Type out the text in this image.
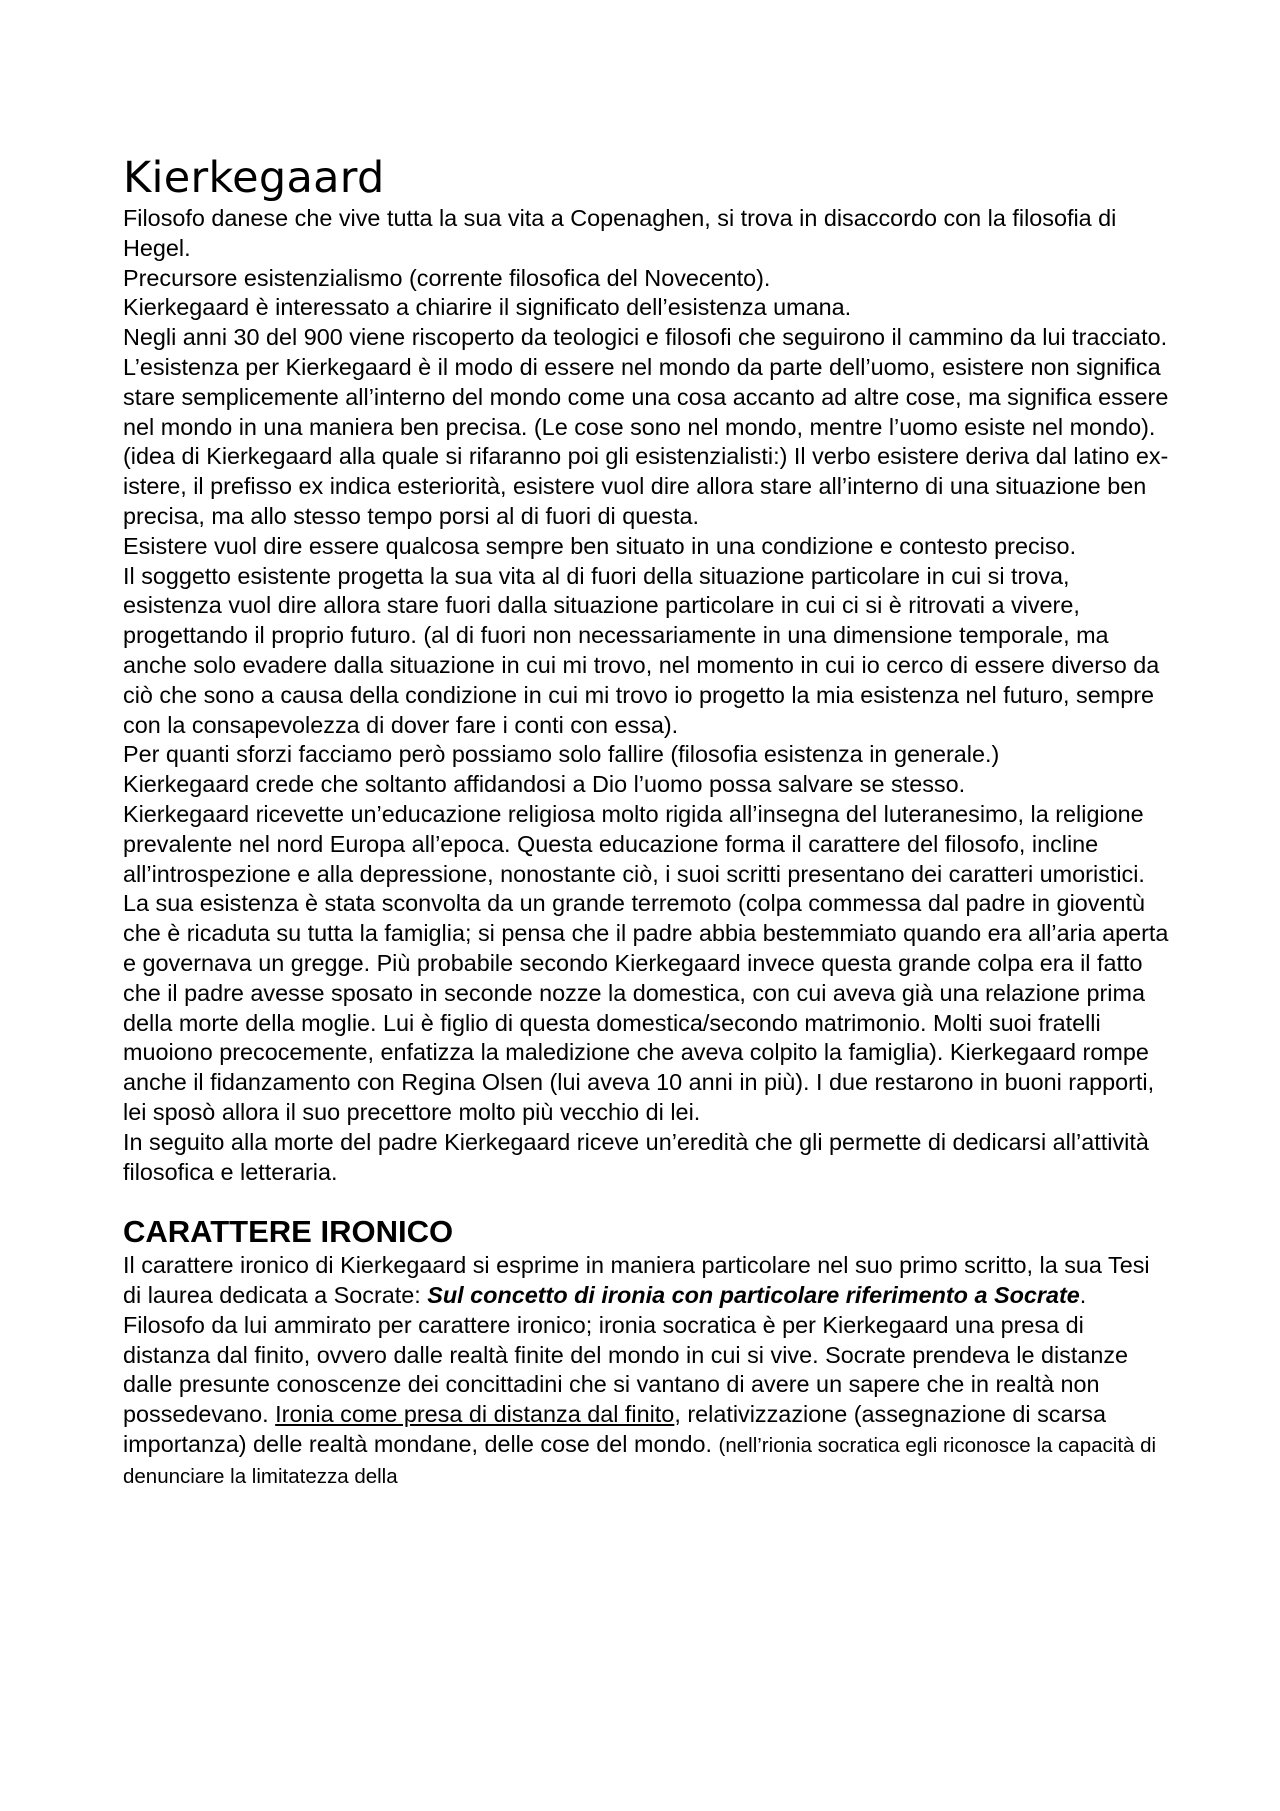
Kierkegaard

Filosofo danese che vive tutta la sua vita a Copenaghen, si trova in disaccordo con la filosofia di Hegel.

Precursore esistenzialismo (corrente filosofica del Novecento).

Kierkegaard è interessato a chiarire il significato dell’esistenza umana.

Negli anni 30 del 900 viene riscoperto da teologici e filosofi che seguirono il cammino da lui tracciato.

L’esistenza per Kierkegaard è il modo di essere nel mondo da parte dell’uomo, esistere non significa stare semplicemente all’interno del mondo come una cosa accanto ad altre cose, ma significa essere nel mondo in una maniera ben precisa. (Le cose sono nel mondo, mentre l’uomo esiste nel mondo).

(idea di Kierkegaard alla quale si rifaranno poi gli esistenzialisti:) Il verbo esistere deriva dal latino ex-istere, il prefisso ex indica esteriorità, esistere vuol dire allora stare all’interno di una situazione ben precisa, ma allo stesso tempo porsi al di fuori di questa.

Esistere vuol dire essere qualcosa sempre ben situato in una condizione e contesto preciso.

Il soggetto esistente progetta la sua vita al di fuori della situazione particolare in cui si trova, esistenza vuol dire allora stare fuori dalla situazione particolare in cui ci si è ritrovati a vivere, progettando il proprio futuro. (al di fuori non necessariamente in una dimensione temporale, ma anche solo evadere dalla situazione in cui mi trovo, nel momento in cui io cerco di essere diverso da ciò che sono a causa della condizione in cui mi trovo io progetto la mia esistenza nel futuro, sempre con la consapevolezza di dover fare i conti con essa).

Per quanti sforzi facciamo però possiamo solo fallire (filosofia esistenza in generale.)

Kierkegaard crede che soltanto affidandosi a Dio l’uomo possa salvare se stesso.

Kierkegaard ricevette un’educazione religiosa molto rigida all’insegna del luteranesimo, la religione prevalente nel nord Europa all’epoca. Questa educazione forma il carattere del filosofo, incline all’introspezione e alla depressione, nonostante ciò, i suoi scritti presentano dei caratteri umoristici.

La sua esistenza è stata sconvolta da un grande terremoto (colpa commessa dal padre in gioventù che è ricaduta su tutta la famiglia; si pensa che il padre abbia bestemmiato quando era all’aria aperta e governava un gregge. Più probabile secondo Kierkegaard invece questa grande colpa era il fatto che il padre avesse sposato in seconde nozze la domestica, con cui aveva già una relazione prima della morte della moglie. Lui è figlio di questa domestica/secondo matrimonio. Molti suoi fratelli muoiono precocemente, enfatizza la maledizione che aveva colpito la famiglia). Kierkegaard rompe anche il fidanzamento con Regina Olsen (lui aveva 10 anni in più). I due restarono in buoni rapporti, lei sposò allora il suo precettore molto più vecchio di lei.

In seguito alla morte del padre Kierkegaard riceve un’eredità che gli permette di dedicarsi all’attività filosofica e letteraria.

CARATTERE IRONICO

Il carattere ironico di Kierkegaard si esprime in maniera particolare nel suo primo scritto, la sua Tesi di laurea dedicata a Socrate: Sul concetto di ironia con particolare riferimento a Socrate. Filosofo da lui ammirato per carattere ironico; ironia socratica è per Kierkegaard una presa di distanza dal finito, ovvero dalle realtà finite del mondo in cui si vive. Socrate prendeva le distanze dalle presunte conoscenze dei concittadini che si vantano di avere un sapere che in realtà non possedevano. Ironia come presa di distanza dal finito, relativizzazione (assegnazione di scarsa importanza) delle realtà mondane, delle cose del mondo. (nell’rionia socratica egli riconosce la capacità di denunciare la limitatezza della
